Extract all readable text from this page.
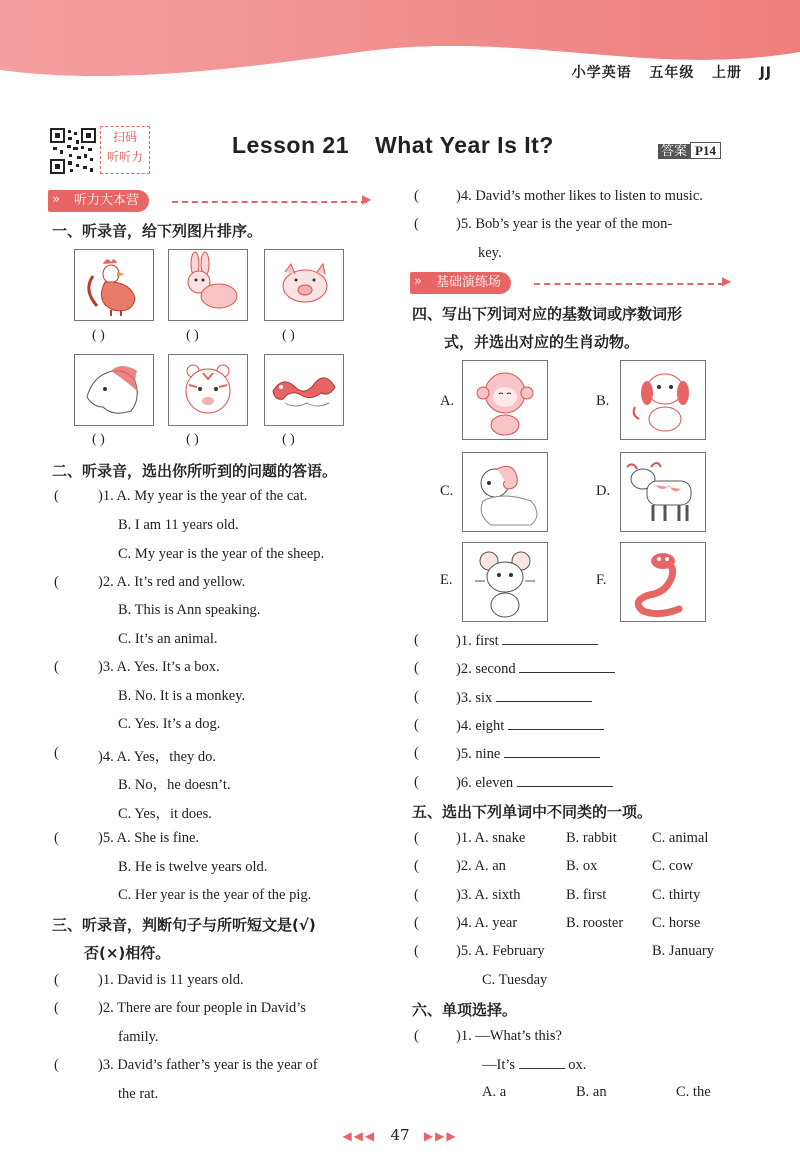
小学英语 五年级 上册 JJ
扫码
听听力	Lesson 21 What Year Is It?	答案 P14
听力大本营
»	▶
一、听录音，给下列图片排序。
( )	( )	( )
( )	( )	( )
二、听录音，选出你所听到的问题的答语。
(	)1. A. My year is the year of the cat.
B. I am 11 years old.
C. My year is the year of the sheep.
(	)2. A. It’s red and yellow.
B. This is Ann speaking.
C. It’s an animal.
(	)3. A. Yes. It’s a box.
B. No. It is a monkey.
C. Yes. It’s a dog.
(	)4. A. Yes，they do.
B. No，he doesn’t.
C. Yes，it does.
(	)5. A. She is fine.
B. He is twelve years old.
C. Her year is the year of the pig.
三、听录音，判断句子与所听短文是(√)
否(×)相符。
(	)1. David is 11 years old.
(	)2. There are four people in David’s
family.
(	)3. David’s father’s year is the year of
the rat.
(	)4. David’s mother likes to listen to music.
(	)5. Bob’s year is the year of the mon-
key.
基础演练场
»	▶
四、写出下列词对应的基数词或序数词形
式，并选出对应的生肖动物。
A.	B.
C.	D.
E.	F.
(	)1. first
(	)2. second
(	)3. six
(	)4. eight
(	)5. nine
(	)6. eleven
五、选出下列单词中不同类的一项。
(	)1. A. snake	B. rabbit C. animal
(	)2. A. an	B. ox	C. cow
(	)3. A. sixth	B. first	C. thirty
(	)4. A. year	B. rooster C. horse
(	)5. A. February	B. January
C. Tuesday
六、单项选择。
(	)1. —What’s this?
—It’s	ox.
A. a	B. an	C. the
◀◀◀ 47 ▶▶▶
